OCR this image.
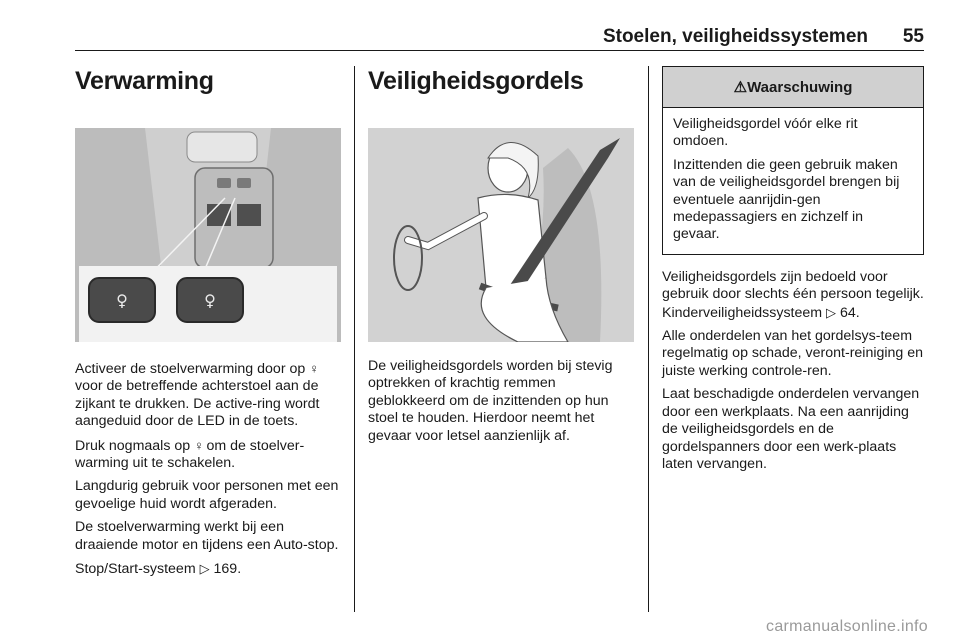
Stoelen, veiligheidssystemen 55
Verwarming
♀	♀

Activeer de stoelverwarming door op ♀ voor de betreffende achterstoel aan de zijkant te drukken. De active-ring wordt aangeduid door de LED in de toets.

Druk nogmaals op ♀ om de stoelver-warming uit te schakelen.

Langdurig gebruik voor personen met een gevoelige huid wordt afgeraden.

De stoelverwarming werkt bij een draaiende motor en tijdens een Auto-stop.

Stop/Start-systeem ▷ 169.

Veiligheidsgordels

De veiligheidsgordels worden bij stevig optrekken of krachtig remmen geblokkeerd om de inzittenden op hun stoel te houden. Hierdoor neemt het gevaar voor letsel aanzienlijk af.

⚠ Waarschuwing

Veiligheidsgordel vóór elke rit omdoen.

Inzittenden die geen gebruik maken van de veiligheidsgordel brengen bij eventuele aanrijdin-gen medepassagiers en zichzelf in gevaar.

Veiligheidsgordels zijn bedoeld voor gebruik door slechts één persoon tegelijk. Kinderveiligheidssysteem ▷ 64.

Alle onderdelen van het gordelsys-teem regelmatig op schade, veront-reiniging en juiste werking controle-ren.

Laat beschadigde onderdelen vervangen door een werkplaats. Na een aanrijding de veiligheidsgordels en de gordelspanners door een werk-plaats laten vervangen.

carmanualsonline.info
